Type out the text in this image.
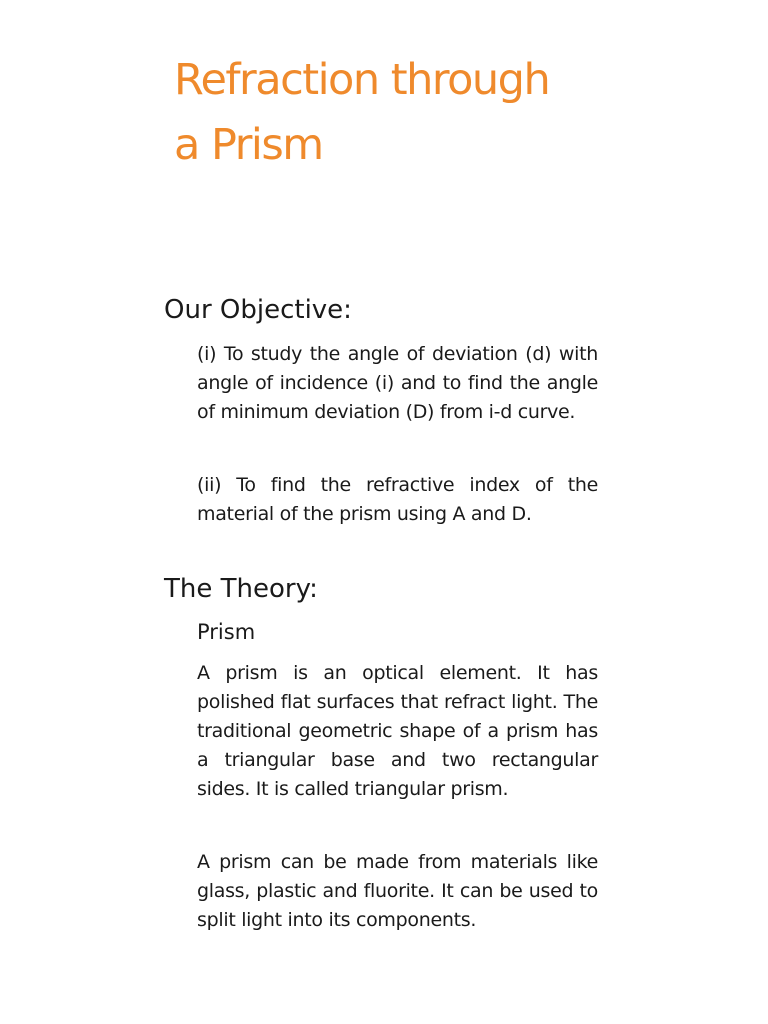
Refraction through
a Prism
Our Objective:

(i) To study the angle of deviation (d) with angle of incidence (i) and to find the angle of minimum deviation (D) from i-d curve.

(ii) To find the refractive index of the material of the prism using A and D.

The Theory:
Prism

A prism is an optical element. It has polished flat surfaces that refract light. The traditional geometric shape of a prism has a triangular base and two rectangular sides. It is called triangular prism.

A prism can be made from materials like glass, plastic and fluorite. It can be used to split light into its components.
